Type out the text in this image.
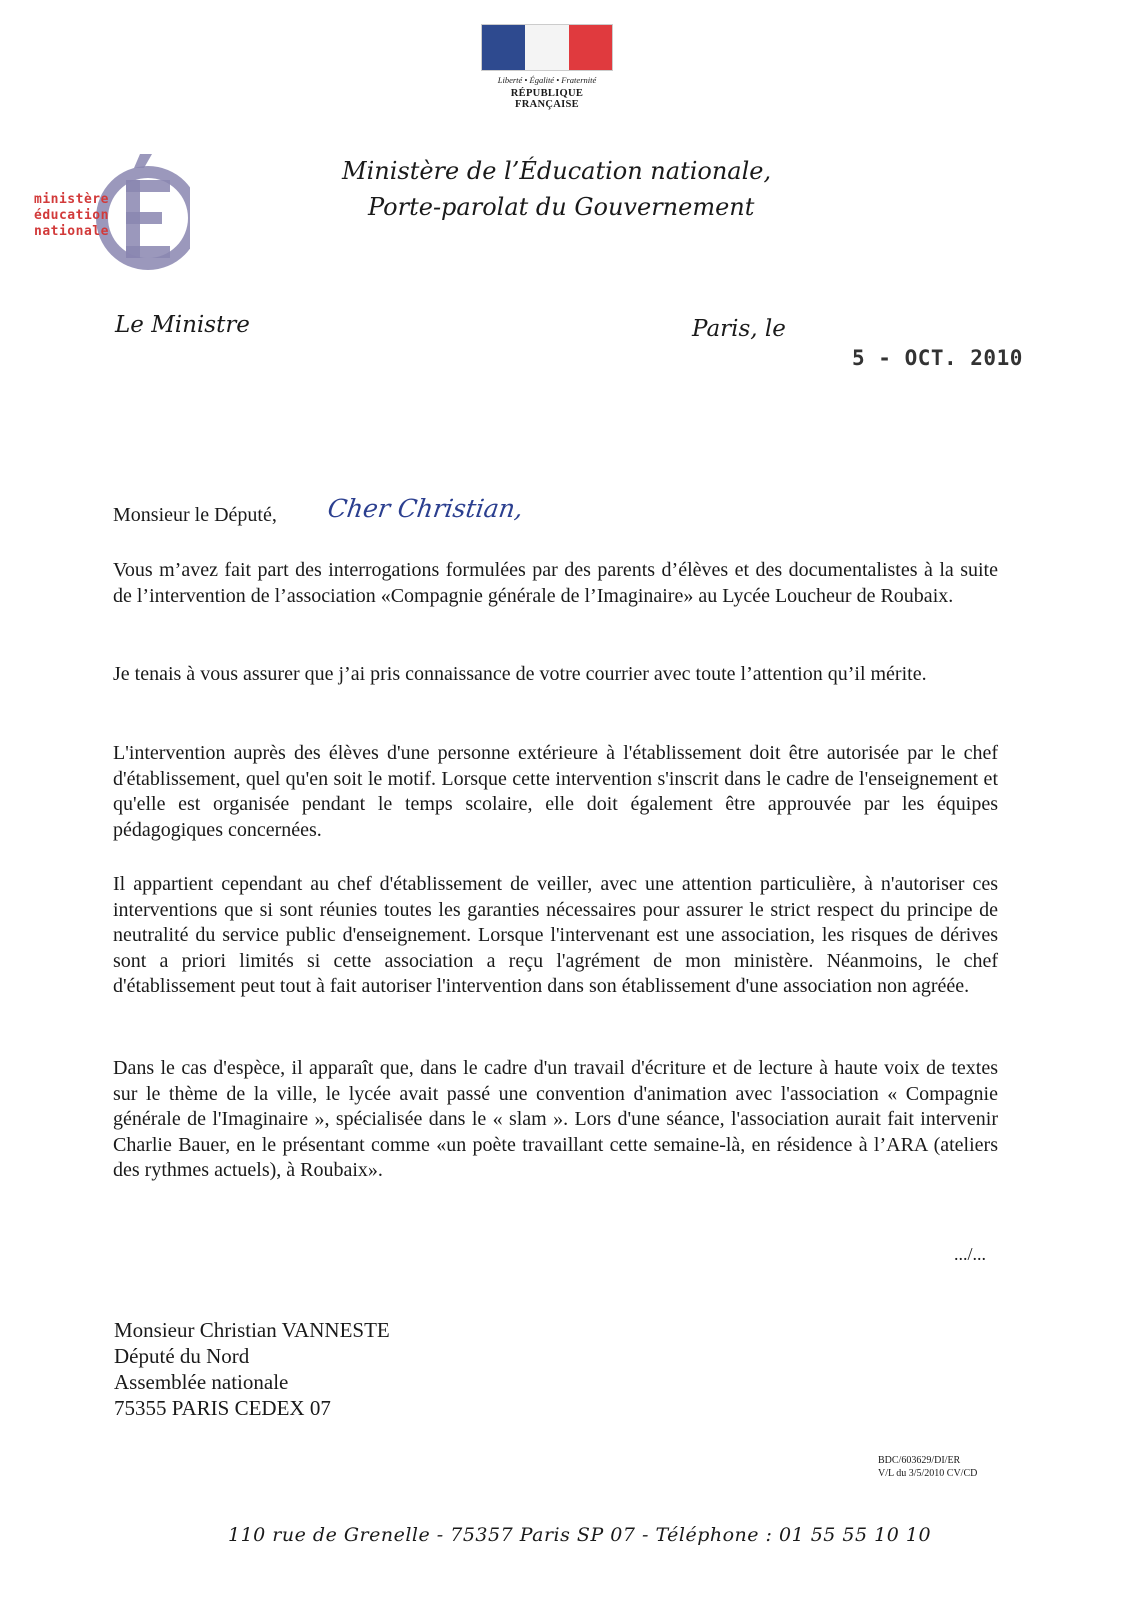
Liberté • Égalité • Fraternité
RÉPUBLIQUE FRANÇAISE
ministère
éducation
nationale
Ministère de l’Éducation nationale,
Porte-parolat du Gouvernement
Le Ministre	Paris, le
5 - OCT. 2010
Monsieur le Député, Cher Christian,
Vous m’avez fait part des interrogations formulées par des parents d’élèves et des documentalistes à la suite de l’intervention de l’association «Compagnie générale de l’Imaginaire» au Lycée Loucheur de Roubaix.
Je tenais à vous assurer que j’ai pris connaissance de votre courrier avec toute l’attention qu’il mérite.
L'intervention auprès des élèves d'une personne extérieure à l'établissement doit être autorisée par le chef d'établissement, quel qu'en soit le motif. Lorsque cette intervention s'inscrit dans le cadre de l'enseignement et qu'elle est organisée pendant le temps scolaire, elle doit également être approuvée par les équipes pédagogiques concernées.
Il appartient cependant au chef d'établissement de veiller, avec une attention particulière, à n'autoriser ces interventions que si sont réunies toutes les garanties nécessaires pour assurer le strict respect du principe de neutralité du service public d'enseignement. Lorsque l'intervenant est une association, les risques de dérives sont a priori limités si cette association a reçu l'agrément de mon ministère. Néanmoins, le chef d'établissement peut tout à fait autoriser l'intervention dans son établissement d'une association non agréée.
Dans le cas d'espèce, il apparaît que, dans le cadre d'un travail d'écriture et de lecture à haute voix de textes sur le thème de la ville, le lycée avait passé une convention d'animation avec l'association « Compagnie générale de l'Imaginaire », spécialisée dans le « slam ». Lors d'une séance, l'association aurait fait intervenir Charlie Bauer, en le présentant comme «un poète travaillant cette semaine-là, en résidence à l’ARA (ateliers des rythmes actuels), à Roubaix».
.../...
Monsieur Christian VANNESTE
Député du Nord
Assemblée nationale
75355 PARIS CEDEX 07
BDC/603629/DI/ER
V/L du 3/5/2010 CV/CD
110 rue de Grenelle - 75357 Paris SP 07 - Téléphone : 01 55 55 10 10
